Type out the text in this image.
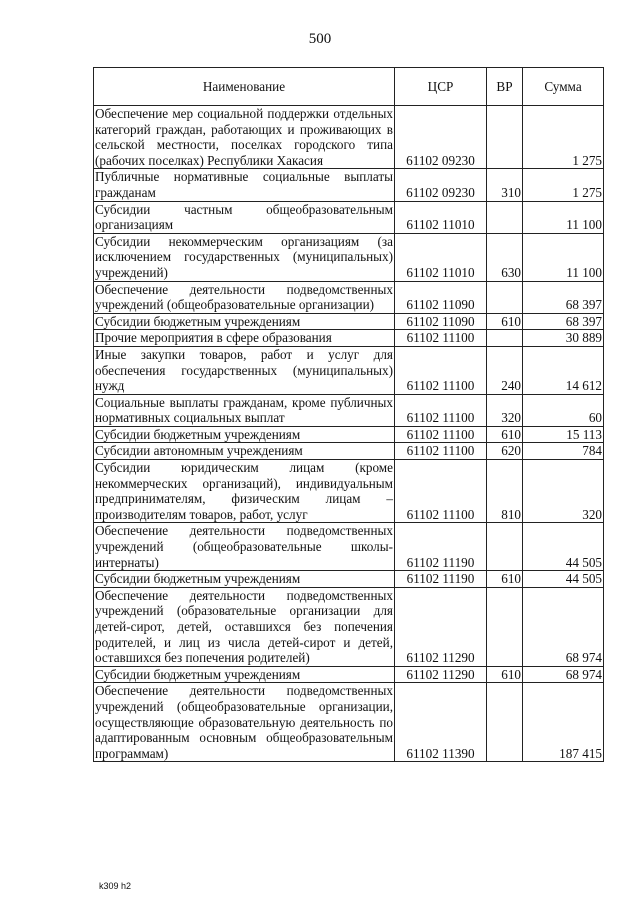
500
Наименование	ЦСР	ВР	Сумма
Обеспечение мер социальной поддержки отдельных категорий граждан, работающих и проживающих в сельской местности, поселках городского типа (рабочих поселках) Республики Хакасия	61102 09230		1 275
Публичные нормативные социальные выплаты гражданам	61102 09230	310	1 275
Субсидии частным общеобразовательным организациям	61102 11010		11 100
Субсидии некоммерческим организациям (за исключением государственных (муниципальных) учреждений)	61102 11010	630	11 100
Обеспечение деятельности подведомственных учреждений (общеобразовательные организации)	61102 11090		68 397
Субсидии бюджетным учреждениям	61102 11090	610	68 397
Прочие мероприятия в сфере образования	61102 11100		30 889
Иные закупки товаров, работ и услуг для обеспечения государственных (муниципальных) нужд	61102 11100	240	14 612
Социальные выплаты гражданам, кроме публичных нормативных социальных выплат	61102 11100	320	60
Субсидии бюджетным учреждениям	61102 11100	610	15 113
Субсидии автономным учреждениям	61102 11100	620	784
Субсидии юридическим лицам (кроме некоммерческих организаций), индивидуальным предпринимателям, физическим лицам – производителям товаров, работ, услуг	61102 11100	810	320
Обеспечение деятельности подведомственных учреждений (общеобразовательные школы-интернаты)	61102 11190		44 505
Субсидии бюджетным учреждениям	61102 11190	610	44 505
Обеспечение деятельности подведомственных учреждений (образовательные организации для детей-сирот, детей, оставшихся без попечения родителей, и лиц из числа детей-сирот и детей, оставшихся без попечения родителей)	61102 11290		68 974
Субсидии бюджетным учреждениям	61102 11290	610	68 974
Обеспечение деятельности подведомственных учреждений (общеобразовательные организации, осуществляющие образовательную деятельность по адаптированным основным общеобразовательным программам)	61102 11390		187 415
k309 h2
